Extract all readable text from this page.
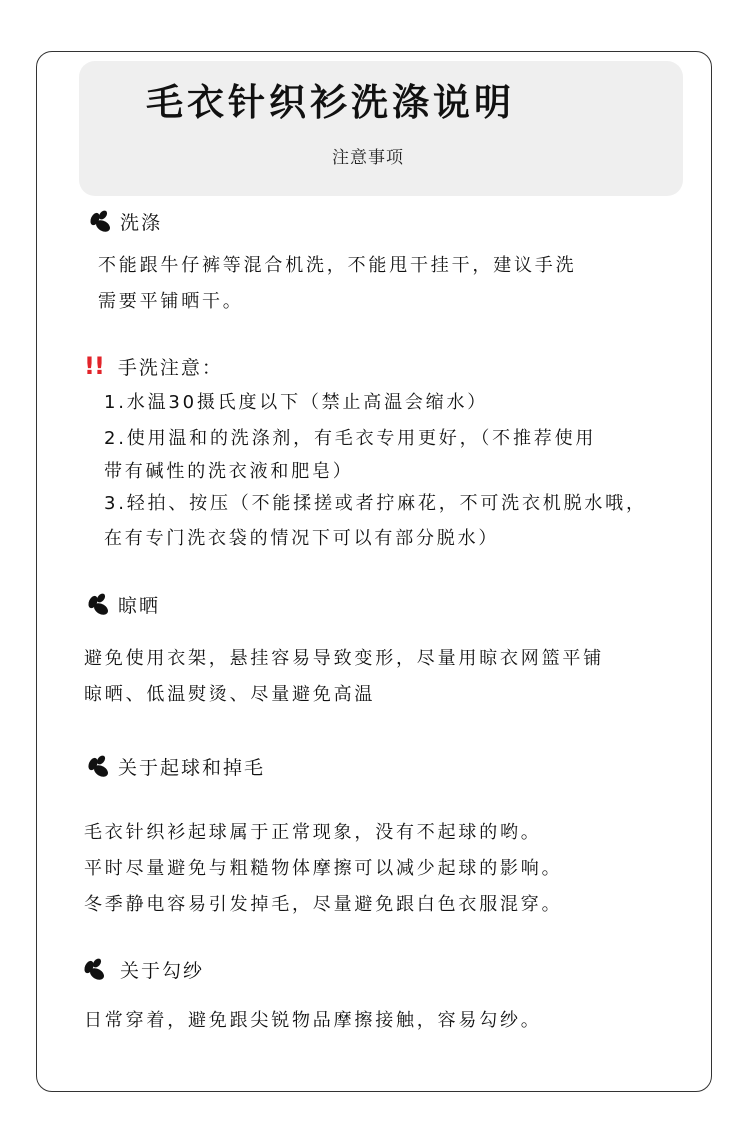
毛衣针织衫洗涤说明
注意事项
洗涤
不能跟牛仔裤等混合机洗，不能甩干挂干，建议手洗
需要平铺晒干。
!! 手洗注意：
1.水温30摄氏度以下（禁止高温会缩水）
2.使用温和的洗涤剂，有毛衣专用更好，（不推荐使用
带有碱性的洗衣液和肥皂）
3.轻拍、按压（不能揉搓或者拧麻花，不可洗衣机脱水哦，
在有专门洗衣袋的情况下可以有部分脱水）
晾晒
避免使用衣架，悬挂容易导致变形，尽量用晾衣网篮平铺
晾晒、低温熨烫、尽量避免高温
关于起球和掉毛
毛衣针织衫起球属于正常现象，没有不起球的哟。
平时尽量避免与粗糙物体摩擦可以减少起球的影响。
冬季静电容易引发掉毛，尽量避免跟白色衣服混穿。
关于勾纱
日常穿着，避免跟尖锐物品摩擦接触，容易勾纱。
